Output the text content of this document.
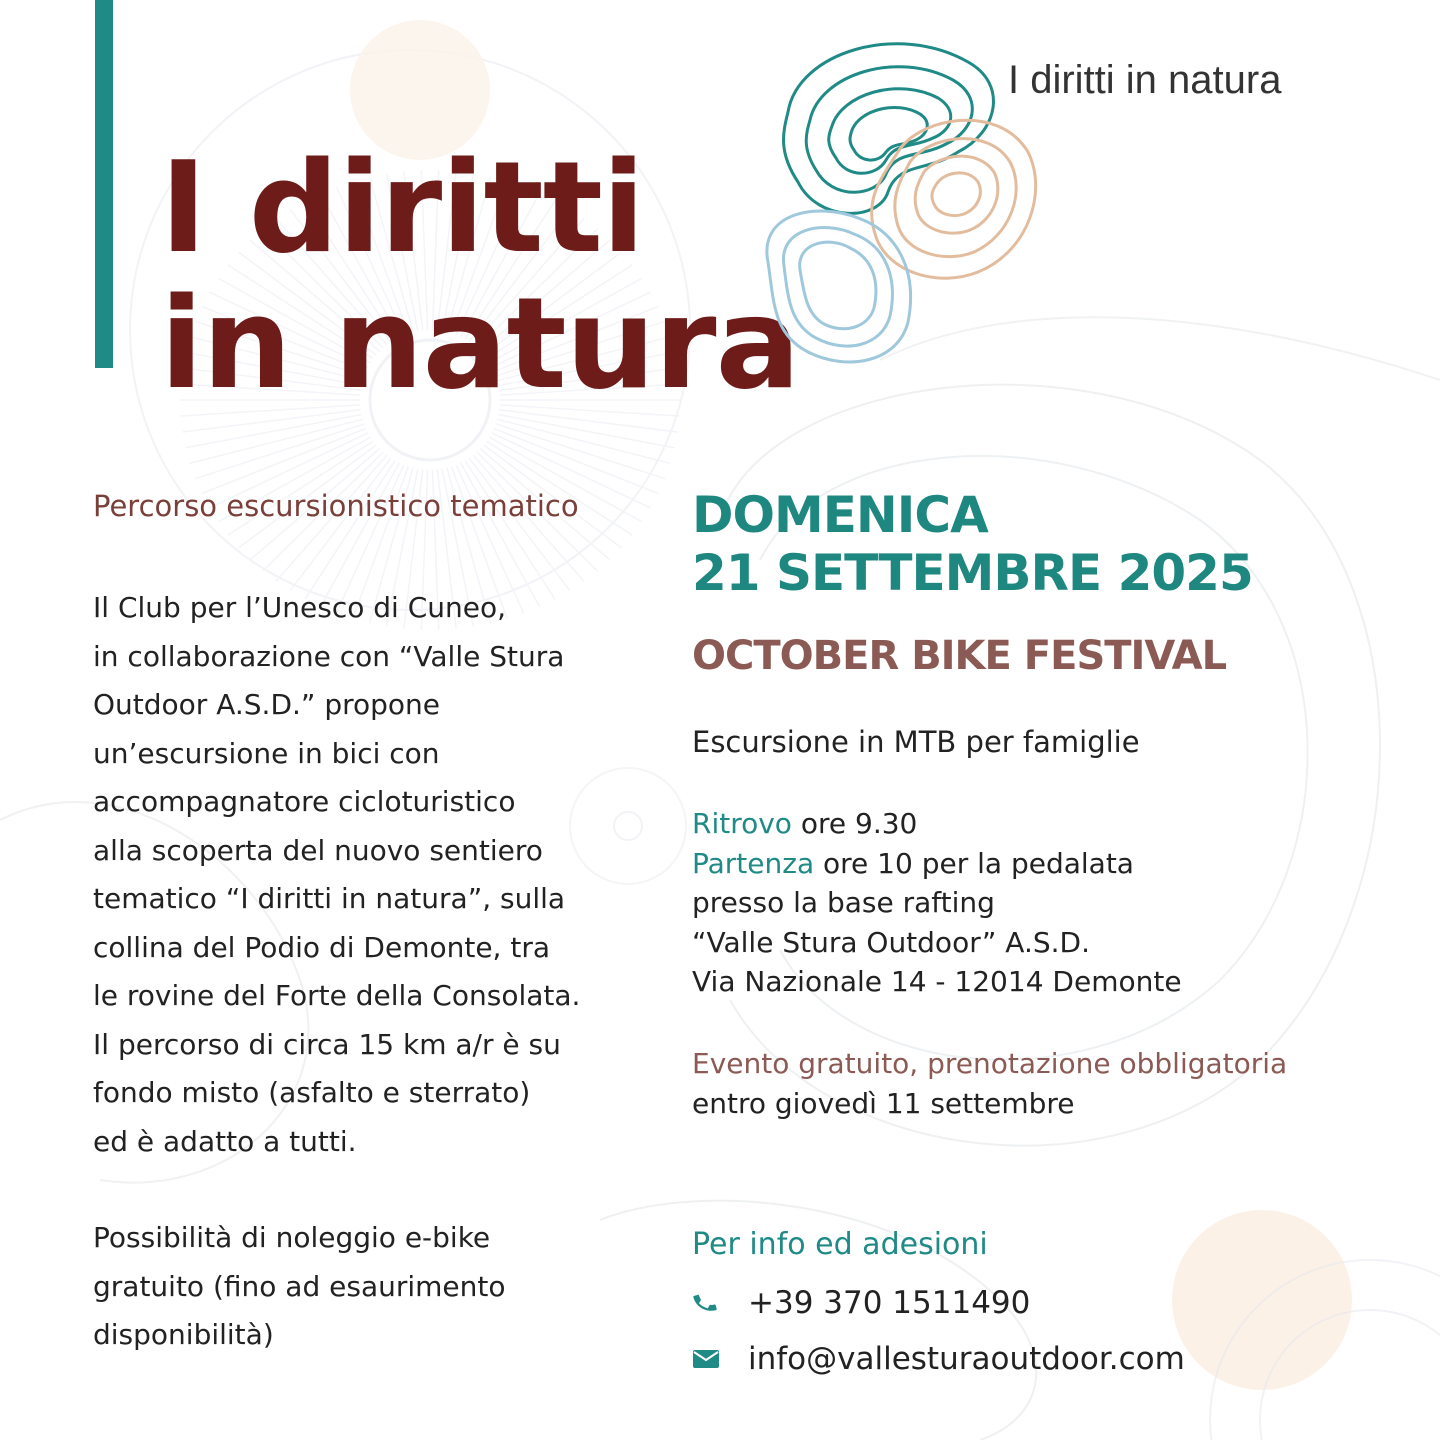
I diritti
in natura
I diritti in natura

Percorso escursionistico tematico

Il Club per l’Unesco di Cuneo,
in collaborazione con “Valle Stura
Outdoor A.S.D.” propone
un’escursione in bici con
accompagnatore cicloturistico
alla scoperta del nuovo sentiero
tematico “I diritti in natura”, sulla
collina del Podio di Demonte, tra
le rovine del Forte della Consolata.
Il percorso di circa 15 km a/r è su
fondo misto (asfalto e sterrato)
ed è adatto a tutti.

Possibilità di noleggio e-bike
gratuito (fino ad esaurimento
disponibilità)

DOMENICA
21 SETTEMBRE 2025
OCTOBER BIKE FESTIVAL

Escursione in MTB per famiglie

Ritrovo ore 9.30
Partenza ore 10 per la pedalata
presso la base rafting
“Valle Stura Outdoor” A.S.D.
Via Nazionale 14 - 12014 Demonte

Evento gratuito, prenotazione obbligatoria
entro giovedì 11 settembre

Per info ed adesioni

+39 370 1511490
info@vallesturaoutdoor.com
